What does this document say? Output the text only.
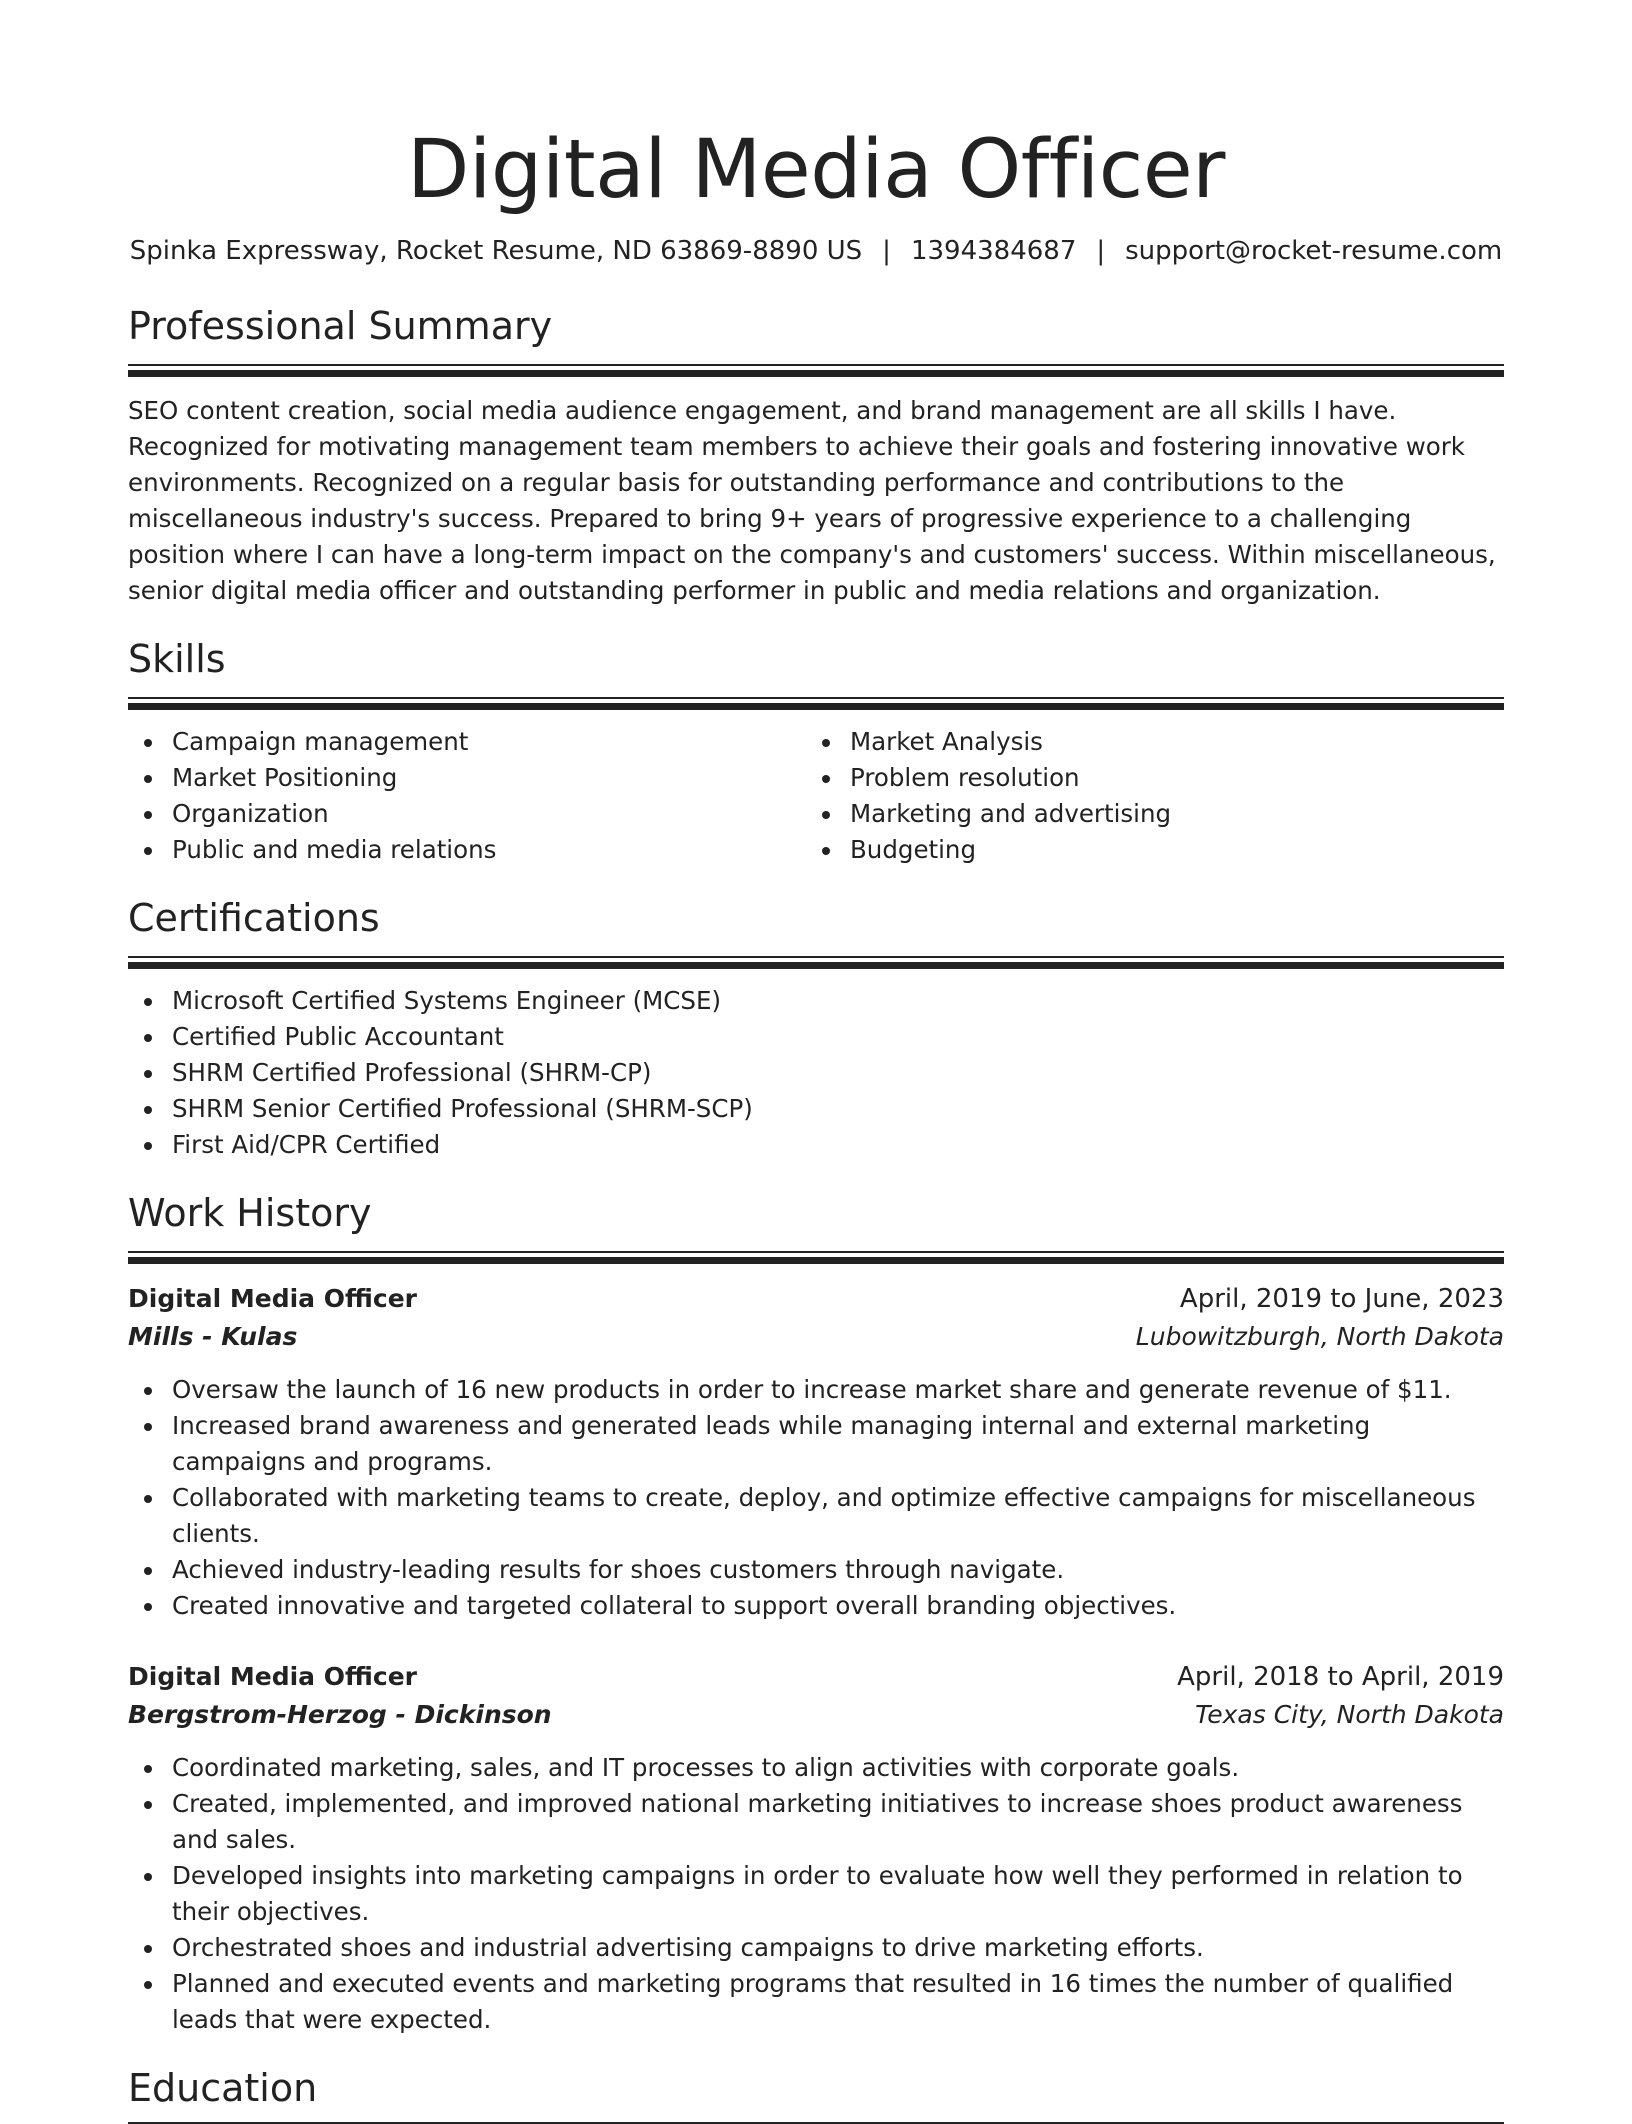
Digital Media Officer
Spinka Expressway, Rocket Resume, ND 63869-8890 US | 1394384687 | support@rocket-resume.com
Professional Summary

SEO content creation, social media audience engagement, and brand management are all skills I have. Recognized for motivating management team members to achieve their goals and fostering innovative work environments. Recognized on a regular basis for outstanding performance and contributions to the miscellaneous industry's success. Prepared to bring 9+ years of progressive experience to a challenging position where I can have a long-term impact on the company's and customers' success. Within miscellaneous, senior digital media officer and outstanding performer in public and media relations and organization.

Skills
Campaign management
Market Positioning
Organization
Public and media relations
Market Analysis
Problem resolution
Marketing and advertising
Budgeting
Certifications
Microsoft Certified Systems Engineer (MCSE)
Certified Public Accountant
SHRM Certified Professional (SHRM-CP)
SHRM Senior Certified Professional (SHRM-SCP)
First Aid/CPR Certified
Work History
Digital Media Officer	April, 2019 to June, 2023
Mills - Kulas	Lubowitzburgh, North Dakota
Oversaw the launch of 16 new products in order to increase market share and generate revenue of $11.
Increased brand awareness and generated leads while managing internal and external marketing campaigns and programs.
Collaborated with marketing teams to create, deploy, and optimize effective campaigns for miscellaneous clients.
Achieved industry-leading results for shoes customers through navigate.
Created innovative and targeted collateral to support overall branding objectives.
Digital Media Officer	April, 2018 to April, 2019
Bergstrom-Herzog - Dickinson	Texas City, North Dakota
Coordinated marketing, sales, and IT processes to align activities with corporate goals.
Created, implemented, and improved national marketing initiatives to increase shoes product awareness and sales.
Developed insights into marketing campaigns in order to evaluate how well they performed in relation to their objectives.
Orchestrated shoes and industrial advertising campaigns to drive marketing efforts.
Planned and executed events and marketing programs that resulted in 16 times the number of qualified leads that were expected.
Education
